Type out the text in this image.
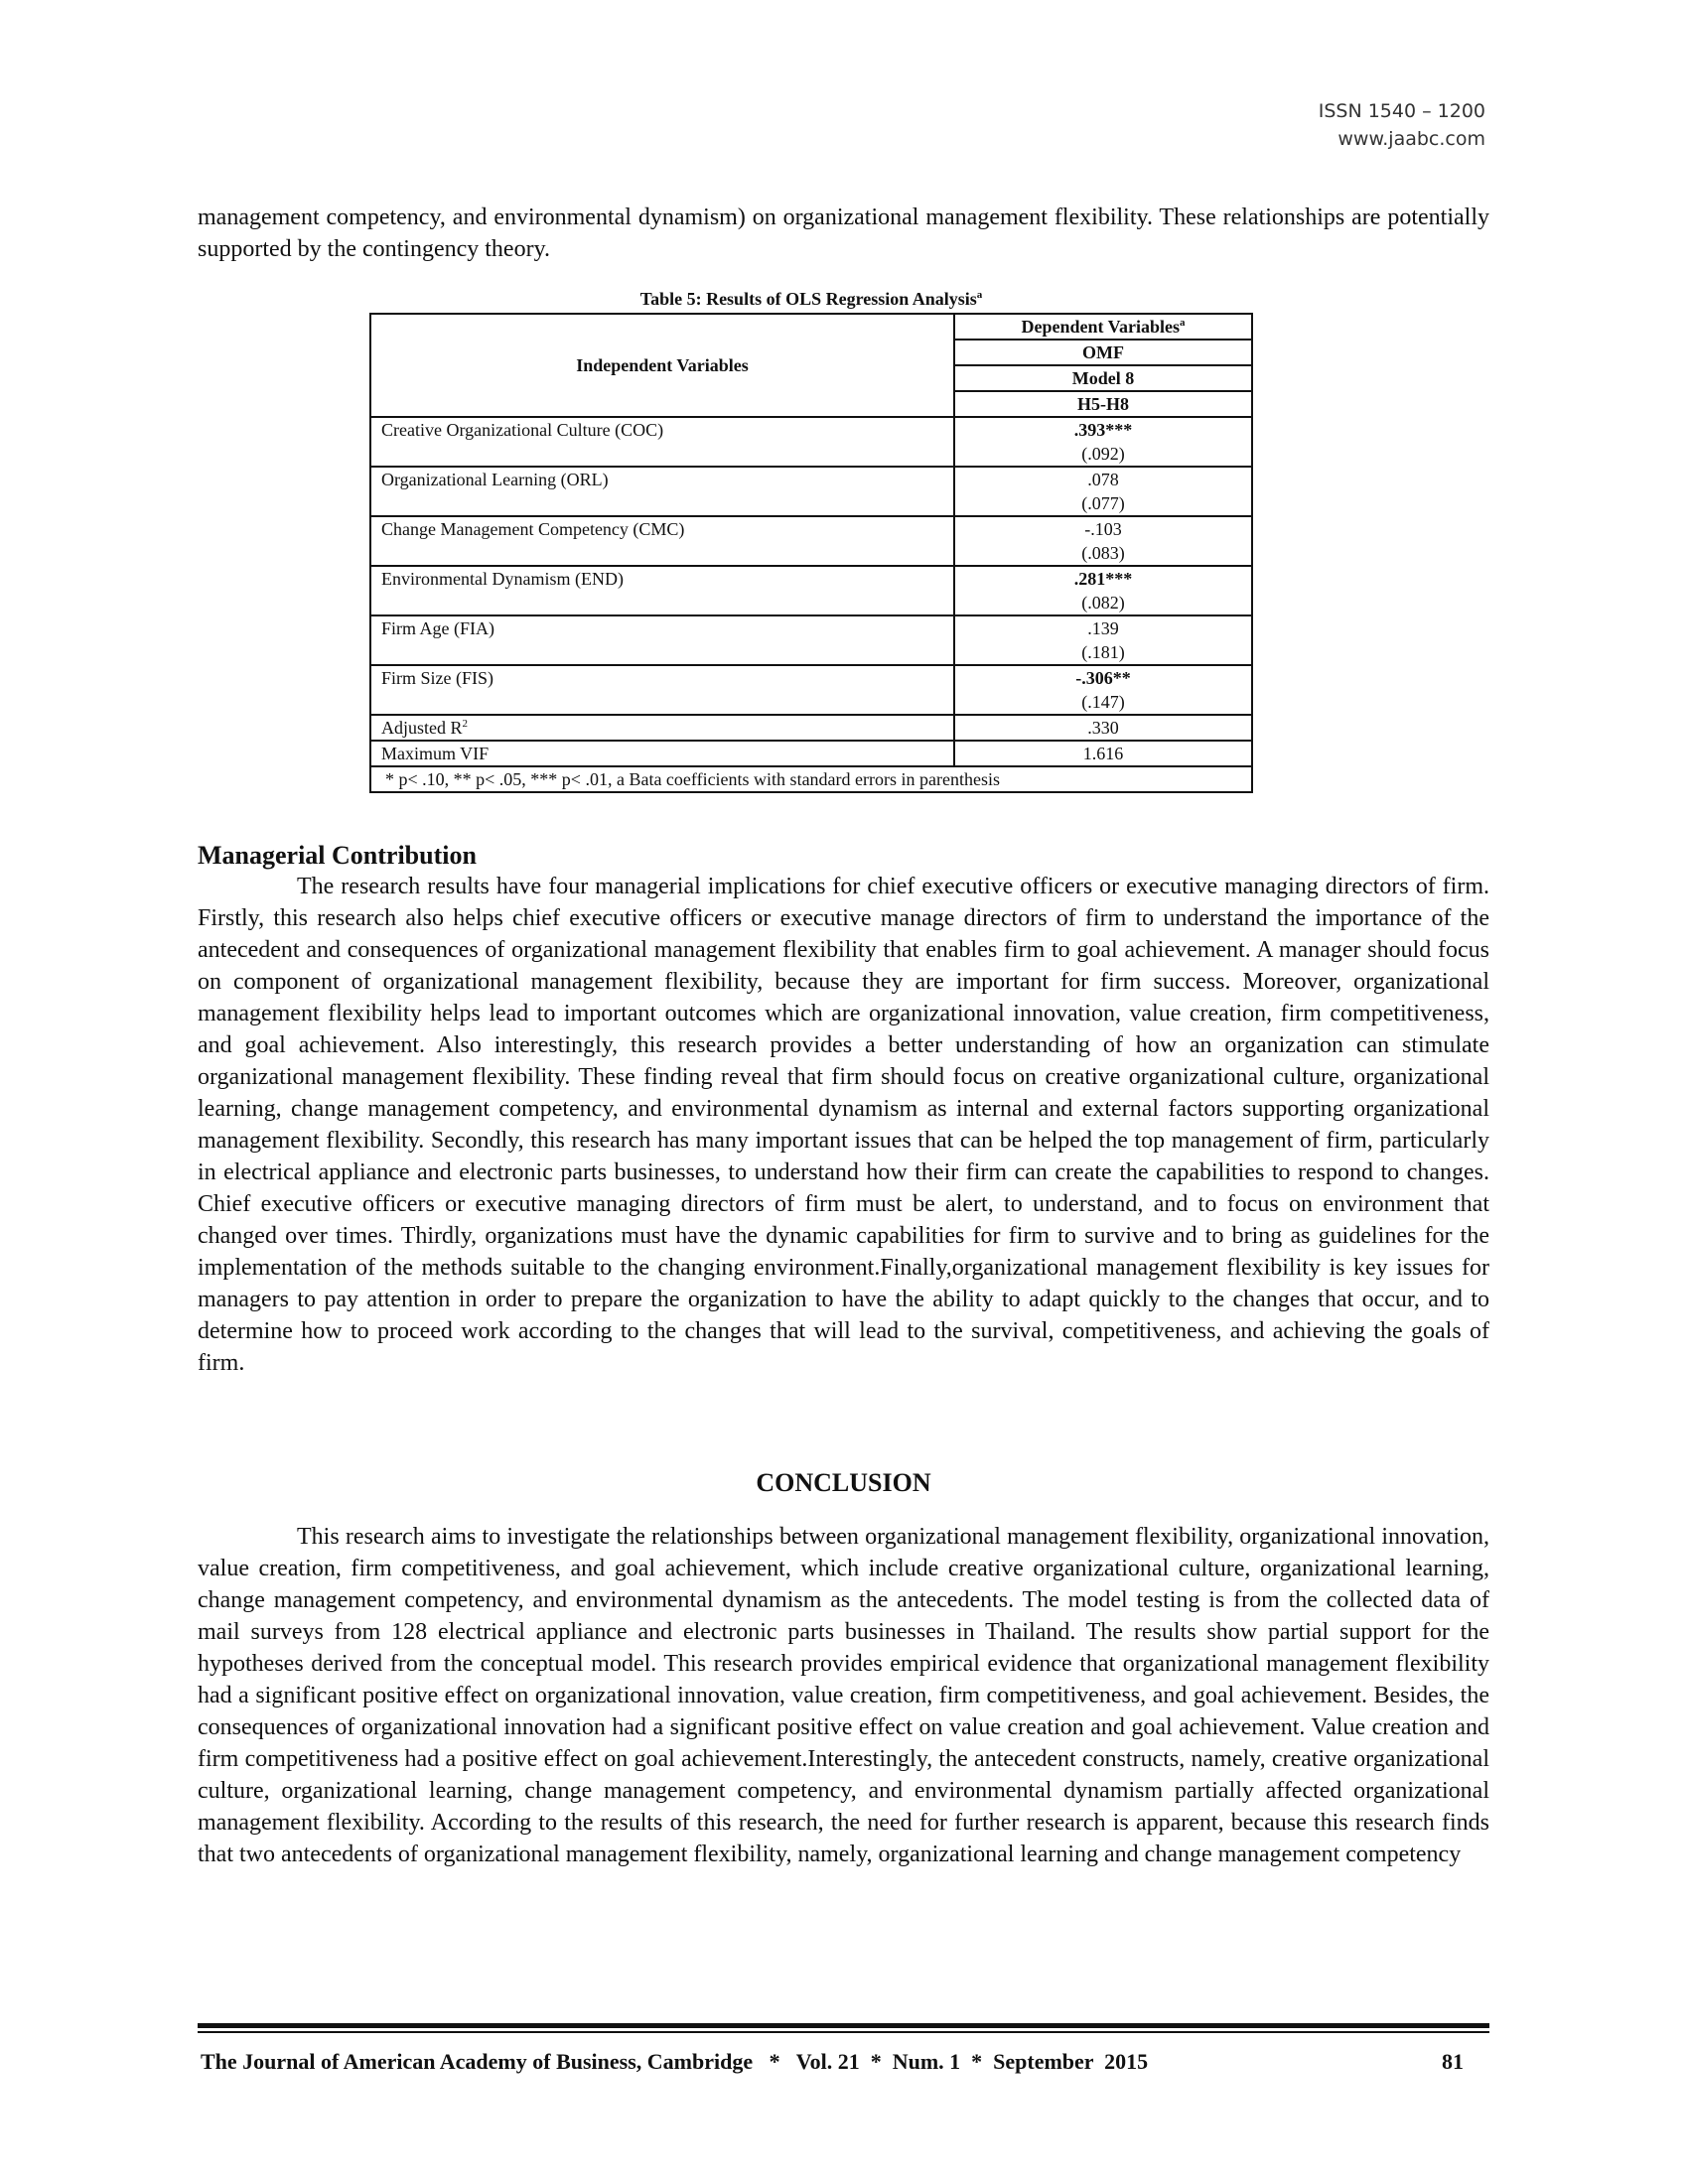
ISSN 1540 – 1200
www.jaabc.com

management competency, and environmental dynamism) on organizational management flexibility. These relationships are potentially supported by the contingency theory.

Table 5: Results of OLS Regression Analysis$^a$
Independent Variables	Dependent Variables$^a$
	OMF
	Model 8
	H5-H8
Creative Organizational Culture (COC)	.393***
(.092)

Organizational Learning (ORL)	.078
(.077)

Change Management Competency (CMC)	-.103
(.083)

Environmental Dynamism (END)	.281***
(.082)

Firm Age (FIA)	.139
(.181)

Firm Size (FIS)	-.306**
(.147)

Adjusted $R^2$	.330
Maximum VIF	1.616
* p< .10, ** p< .05, *** p< .01, a Bata coefficients with standard errors in parenthesis	
Managerial Contribution

The research results have four managerial implications for chief executive officers or executive managing directors of firm. Firstly, this research also helps chief executive officers or executive manage directors of firm to understand the importance of the antecedent and consequences of organizational management flexibility that enables firm to goal achievement. A manager should focus on component of organizational management flexibility, because they are important for firm success. Moreover, organizational management flexibility helps lead to important outcomes which are organizational innovation, value creation, firm competitiveness, and goal achievement. Also interestingly, this research provides a better understanding of how an organization can stimulate organizational management flexibility. These finding reveal that firm should focus on creative organizational culture, organizational learning, change management competency, and environmental dynamism as internal and external factors supporting organizational management flexibility. Secondly, this research has many important issues that can be helped the top management of firm, particularly in electrical appliance and electronic parts businesses, to understand how their firm can create the capabilities to respond to changes. Chief executive officers or executive managing directors of firm must be alert, to understand, and to focus on environment that changed over times. Thirdly, organizations must have the dynamic capabilities for firm to survive and to bring as guidelines for the implementation of the methods suitable to the changing environment.Finally,organizational management flexibility is key issues for managers to pay attention in order to prepare the organization to have the ability to adapt quickly to the changes that occur, and to determine how to proceed work according to the changes that will lead to the survival, competitiveness, and achieving the goals of firm.

CONCLUSION

This research aims to investigate the relationships between organizational management flexibility, organizational innovation, value creation, firm competitiveness, and goal achievement, which include creative organizational culture, organizational learning, change management competency, and environmental dynamism as the antecedents. The model testing is from the collected data of mail surveys from 128 electrical appliance and electronic parts businesses in Thailand. The results show partial support for the hypotheses derived from the conceptual model. This research provides empirical evidence that organizational management flexibility had a significant positive effect on organizational innovation, value creation, firm competitiveness, and goal achievement. Besides, the consequences of organizational innovation had a significant positive effect on value creation and goal achievement. Value creation and firm competitiveness had a positive effect on goal achievement.Interestingly, the antecedent constructs, namely, creative organizational culture, organizational learning, change management competency, and environmental dynamism partially affected organizational management flexibility. According to the results of this research, the need for further research is apparent, because this research finds that two antecedents of organizational management flexibility, namely, organizational learning and change management competency

The Journal of American Academy of Business, Cambridge   *   Vol. 21  *  Num. 1  *  September  2015	81
